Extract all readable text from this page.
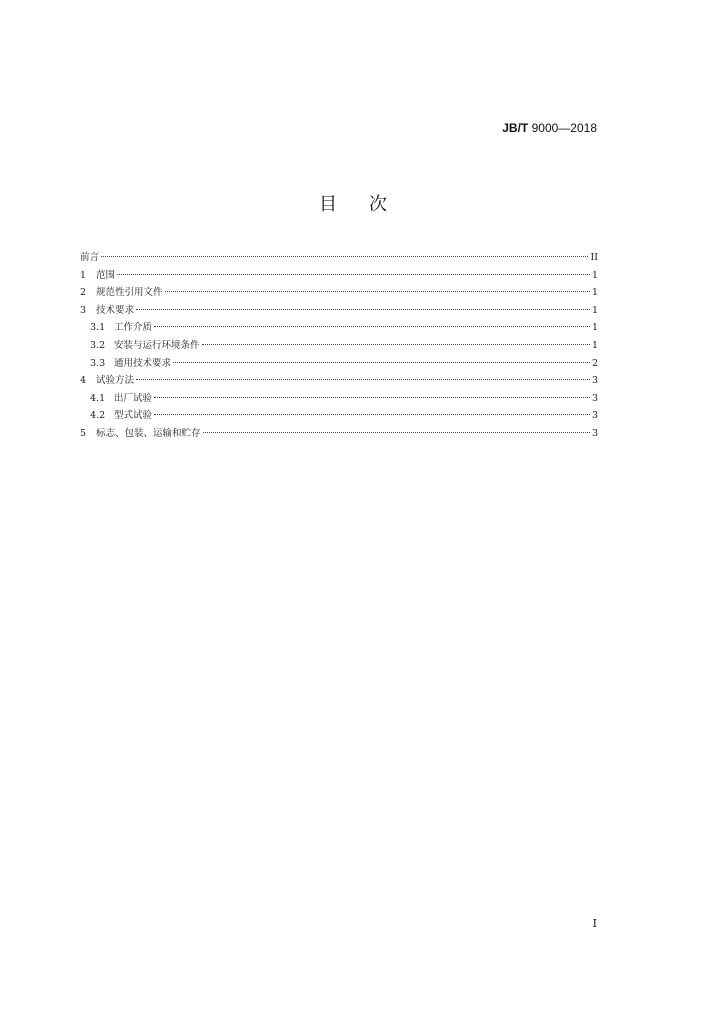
JB/T 9000—2018
目次
前言	II
1	范围	1
2	规范性引用文件	1
3	技术要求	1
3.1 工作介质	1
3.2 安装与运行环境条件	1
3.3 通用技术要求	2
4	试验方法	3
4.1 出厂试验	3
4.2 型式试验	3
5	标志、包装、运输和贮存	3
I
